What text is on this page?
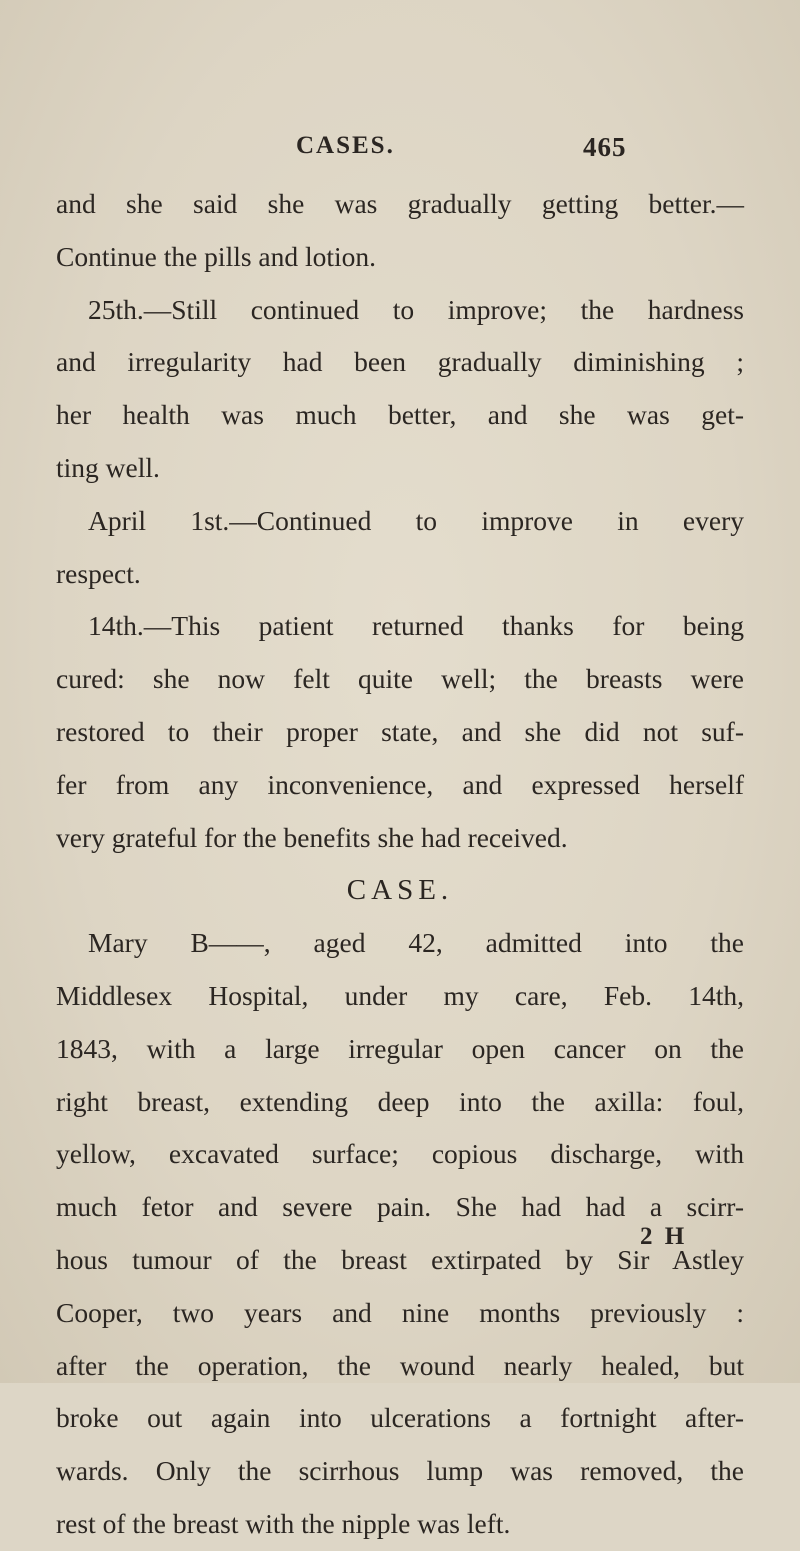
CASES.	465
and she said she was gradually getting better.—
Continue the pills and lotion.
25th.—Still continued to improve; the hardness
and irregularity had been gradually diminishing ;
her health was much better, and she was get-
ting well.
April 1st.—Continued to improve in every
respect.
14th.—This patient returned thanks for being
cured: she now felt quite well; the breasts were
restored to their proper state, and she did not suf-
fer from any inconvenience, and expressed herself
very grateful for the benefits she had received.
CASE.
Mary B——, aged 42, admitted into the
Middlesex Hospital, under my care, Feb. 14th,
1843, with a large irregular open cancer on the
right breast, extending deep into the axilla: foul,
yellow, excavated surface; copious discharge, with
much fetor and severe pain. She had had a scirr-
hous tumour of the breast extirpated by Sir Astley
Cooper, two years and nine months previously :
after the operation, the wound nearly healed, but
broke out again into ulcerations a fortnight after-
wards. Only the scirrhous lump was removed, the
rest of the breast with the nipple was left.
2 H
